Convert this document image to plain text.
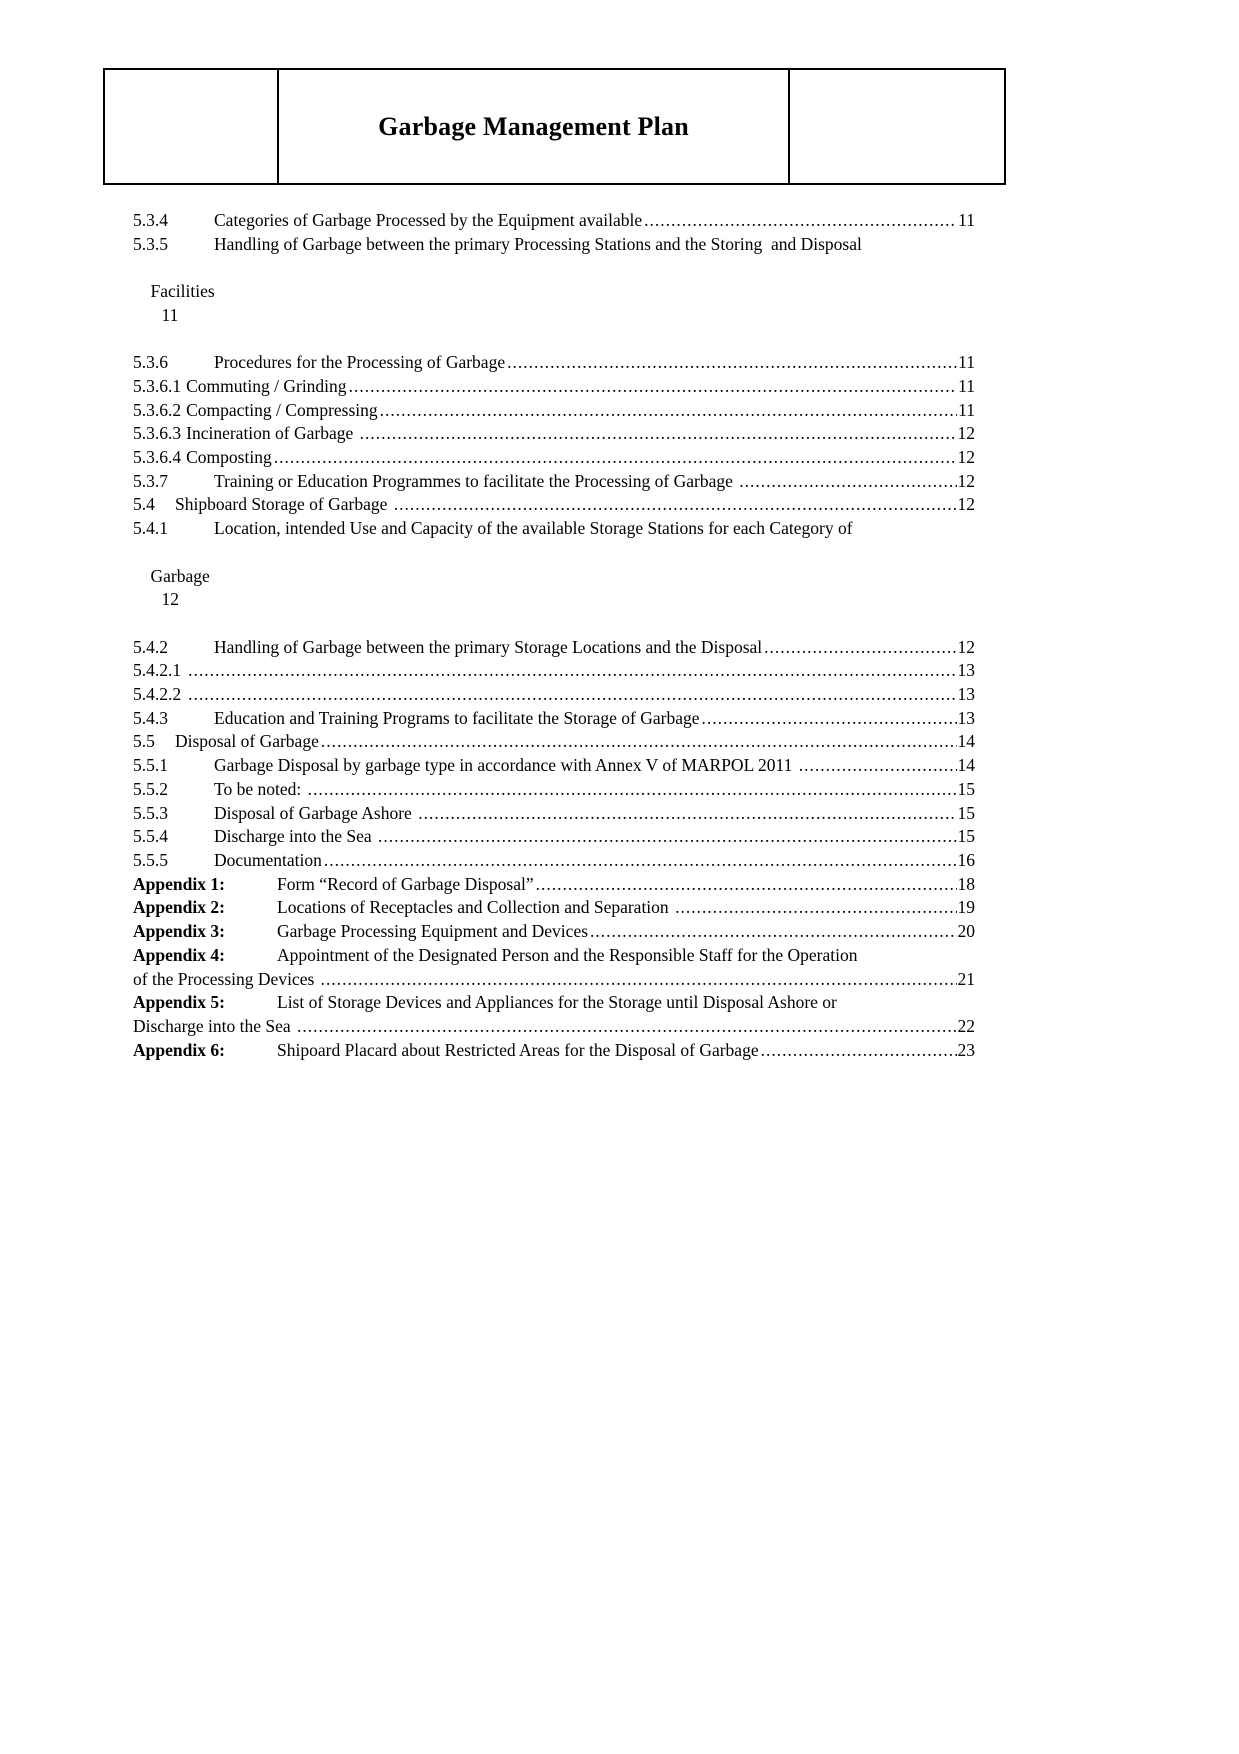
Garbage Management Plan
5.3.4	Categories of Garbage Processed by the Equipment available .....	11
5.3.5	Handling of Garbage between the primary Processing Stations and the Storing  and Disposal

Facilities
11

5.3.6	Procedures for the Processing of Garbage .....	11
5.3.6.1 Commuting / Grinding .....	11
5.3.6.2 Compacting / Compressing .....	11
5.3.6.3 Incineration of Garbage .....	12
5.3.6.4 Composting .....	12
5.3.7	Training or Education Programmes to facilitate the Processing of Garbage .....	12
5.4	Shipboard Storage of Garbage .....	12
5.4.1	Location, intended Use and Capacity of the available Storage Stations for each Category of

Garbage
12

5.4.2	Handling of Garbage between the primary Storage Locations and the Disposal .....	12
5.4.2.1 .....	13
5.4.2.2 .....	13
5.4.3	Education and Training Programs to facilitate the Storage of Garbage .....	13
5.5	Disposal of Garbage .....	14
5.5.1	Garbage Disposal by garbage type in accordance with Annex V of MARPOL 2011 .....	14
5.5.2	To be noted: .....	15
5.5.3	Disposal of Garbage Ashore .....	15
5.5.4	Discharge into the Sea .....	15
5.5.5	Documentation .....	16
Appendix 1:	Form “Record of Garbage Disposal” .....	18
Appendix 2:	Locations of Receptacles and Collection and Separation .....	19
Appendix 3:	Garbage Processing Equipment and Devices .....	20
Appendix 4:	Appointment of the Designated Person and the Responsible Staff for the Operation
of the Processing Devices .....	21
Appendix 5:	List of Storage Devices and Appliances for the Storage until Disposal Ashore or
Discharge into the Sea .....	22
Appendix 6:	Shipoard Placard about Restricted Areas for the Disposal of Garbage .....	23
